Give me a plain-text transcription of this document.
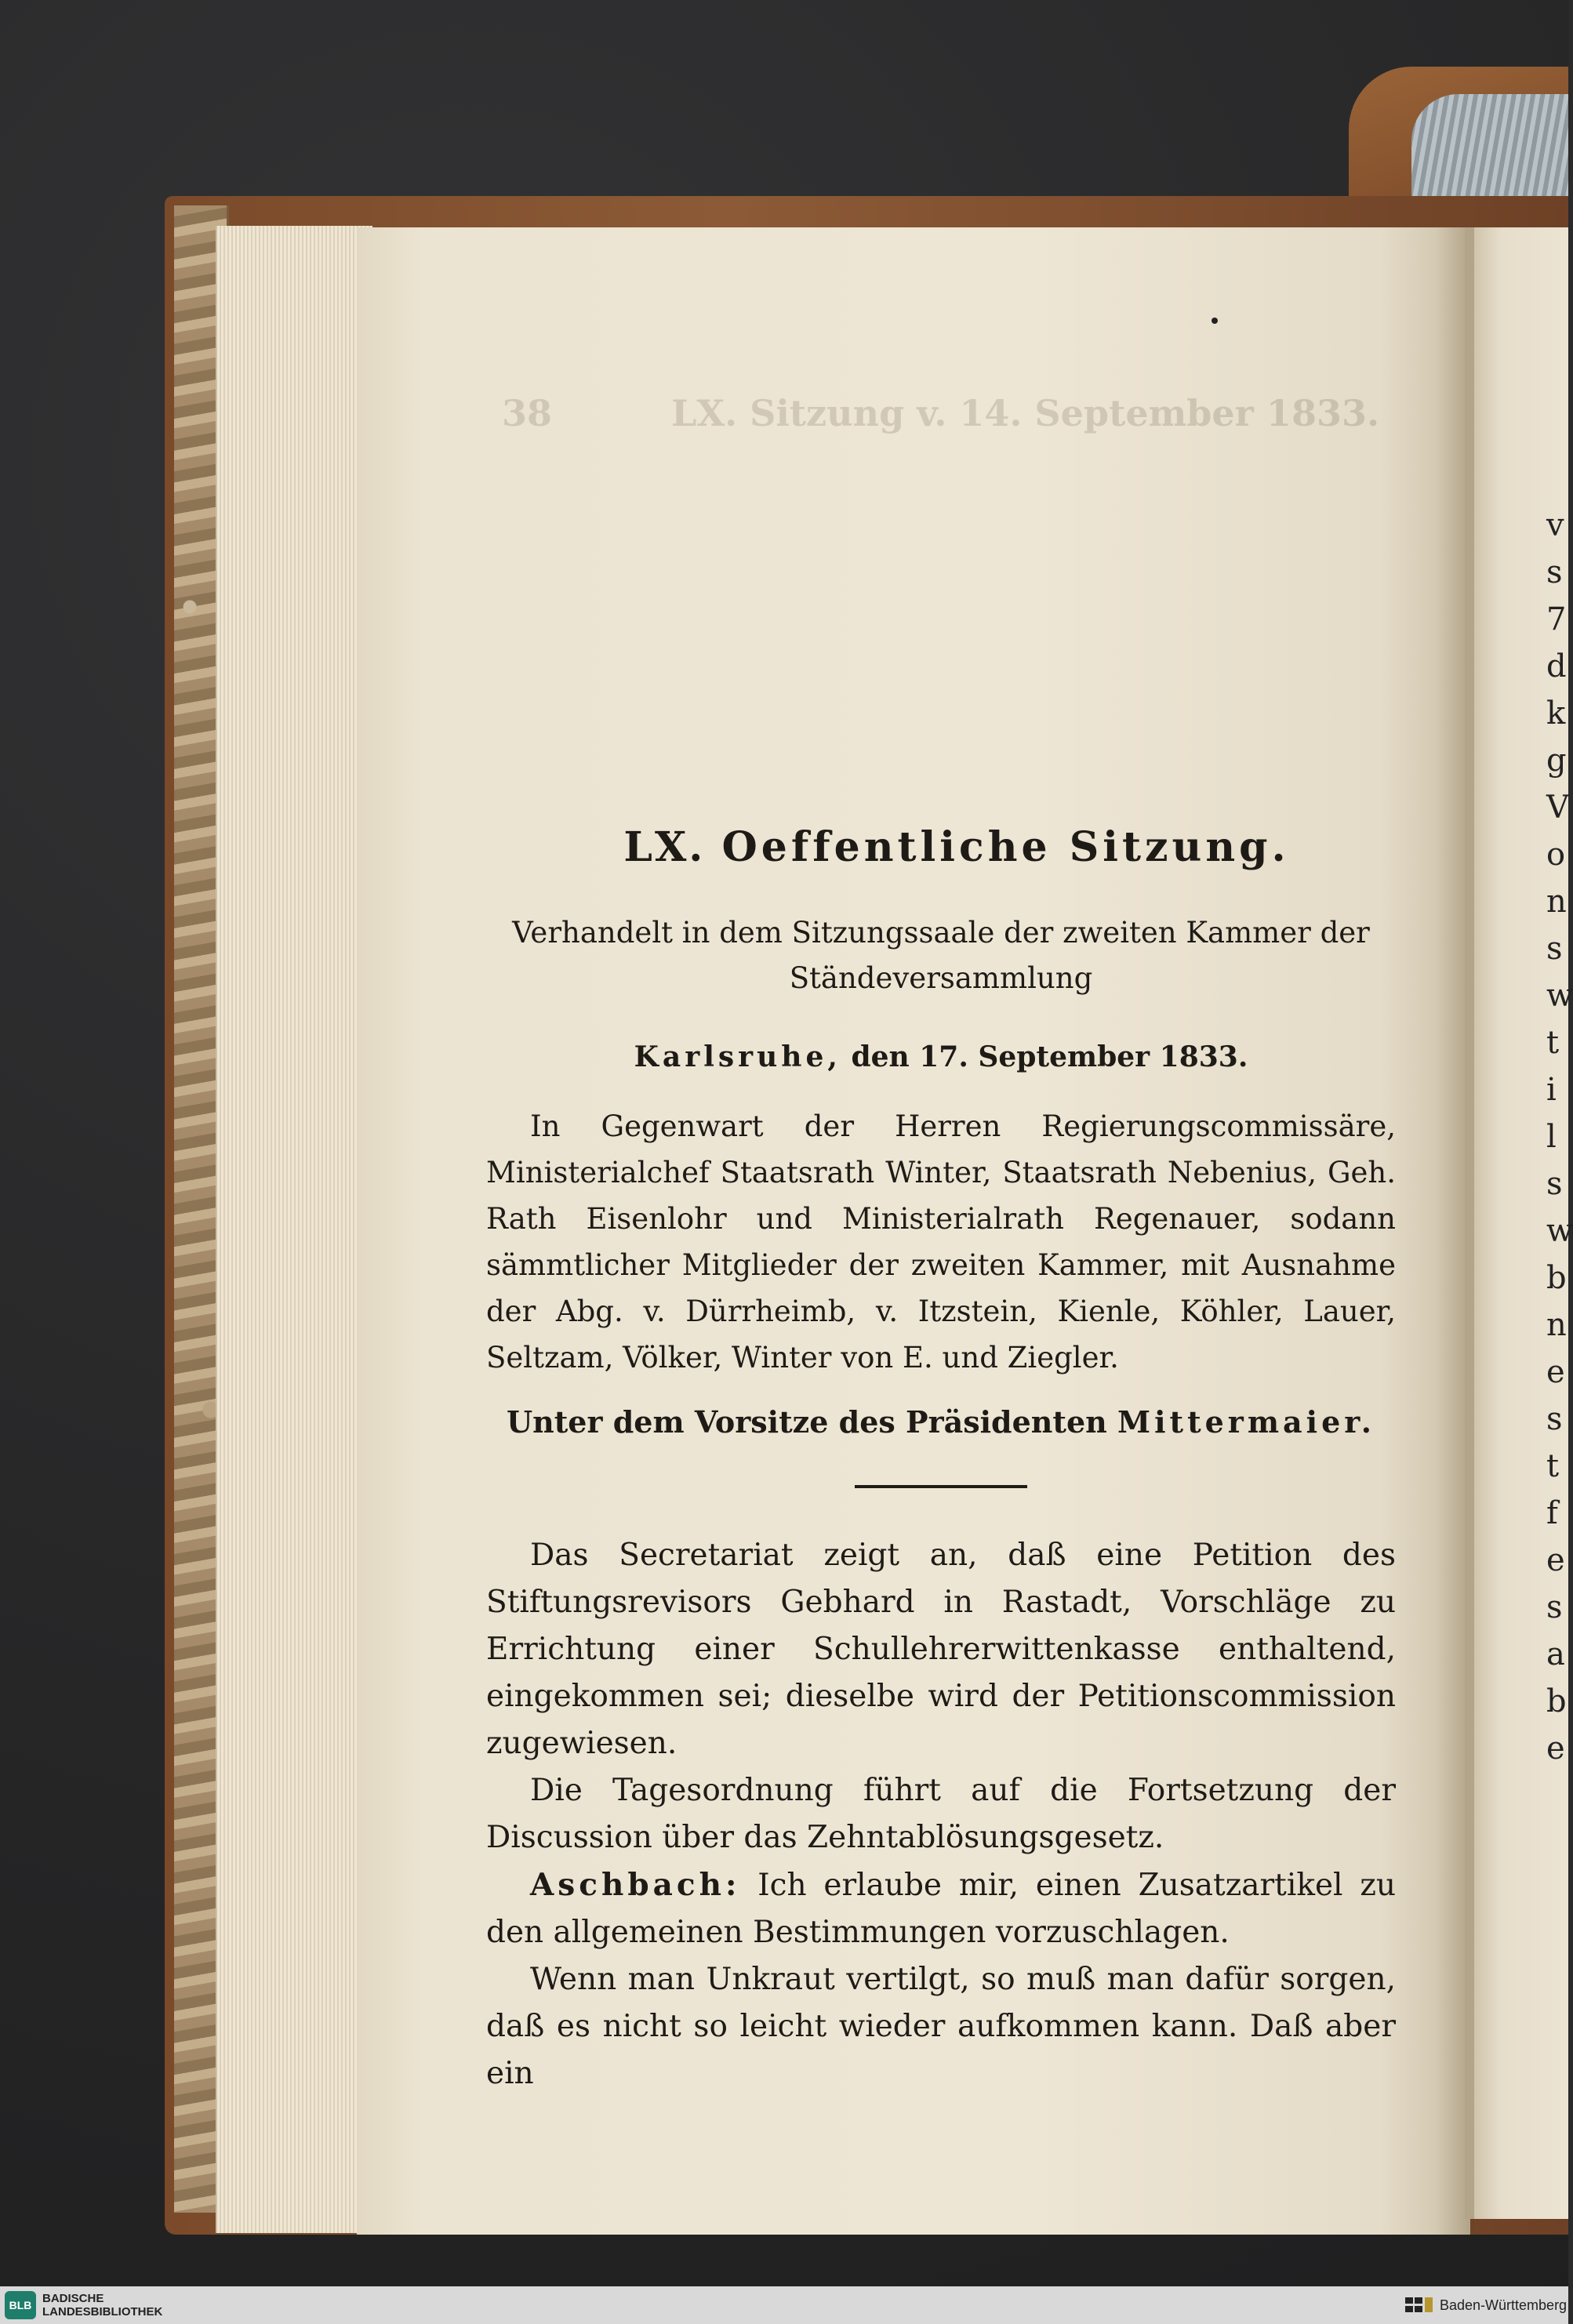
38	LX. Sitzung v. 14. September 1833.
v
s
7
d
k
g
V
o
n
s
w
t
i
l
s
w
b
n
e
s
t
f
e
s
a
b
e
LX. Oeffentliche Sitzung.
Verhandelt in dem Sitzungssaale der zweiten Kammer der Ständeversammlung
Karlsruhe, den 17. September 1833.
In Gegenwart der Herren Regierungscommissäre, Ministerialchef Staatsrath Winter, Staatsrath Nebenius, Geh. Rath Eisenlohr und Ministerialrath Regenauer, sodann sämmtlicher Mitglieder der zweiten Kammer, mit Ausnahme der Abg. v. Dürrheimb, v. Itzstein, Kienle, Köhler, Lauer, Seltzam, Völker, Winter von E. und Ziegler.
Unter dem Vorsitze des Präsidenten Mittermaier.

Das Secretariat zeigt an, daß eine Petition des Stiftungsrevisors Gebhard in Rastadt, Vorschläge zu Errichtung einer Schullehrerwittenkasse enthaltend, eingekommen sei; dieselbe wird der Petitionscommission zugewiesen.

Die Tagesordnung führt auf die Fortsetzung der Discussion über das Zehntablösungsgesetz.

Aschbach: Ich erlaube mir, einen Zusatzartikel zu den allgemeinen Bestimmungen vorzuschlagen.

Wenn man Unkraut vertilgt, so muß man dafür sorgen, daß es nicht so leicht wieder aufkommen kann. Daß aber ein

BLB BADISCHE
LANDESBIBLIOTHEK	Baden-Württemberg
